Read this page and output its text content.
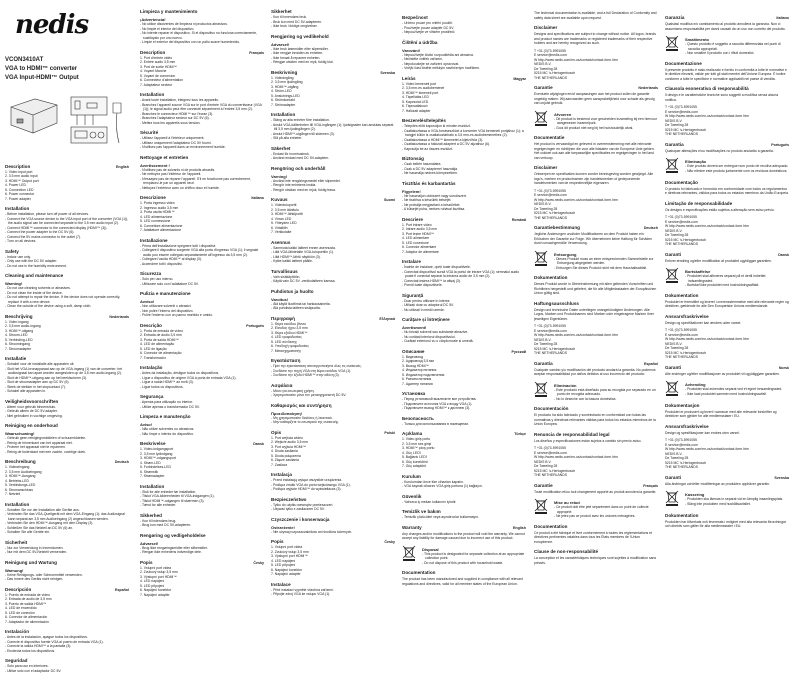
nedis
VCON3410AT
VGA to HDMI™ converter
VGA Input-HDMI™ Output
Description	English
1. Video input port
2. 3.5 mm audio input
3. HDMI™ Output port
4. Power LED
5. Connection LED
6. Power connector
7. Power adapter
Installation
- Before installation, please turn off power of all devices.
- Connect the VGA source device to the VGA input port of the converter (VGA (1)), the audio signal can be connected separate to the 3.5 mm audio input (2).
- Connect HDMI™ connector to the connected display (HDMI™ (3)).
- Connect the power adapter to the DC 5V (6).
- Connect the 5V mains connector to the outlet (7).
- Turn on all devices.
Safety
- Indoor use only.
- Only use with the DC 5V adapter.
- Do not use in the humidity environment.
Cleaning and maintenance
Warning!
- Do not use cleaning solvents or abrasives.
- Do not clean the inside of the device.
- Do not attempt to repair the device. If the device does not operate correctly, replace it with a new device.
- Clean the outside of the device using a soft, damp cloth.
Beschrijving	Nederlands
1. Video ingang
2. 3,5 mm audio-ingang
3. HDMI™-uitgang
4. Stroom-LED
5. Verbinding-LED
6. Stroomingang
7. Stroomadapter
Installatie
- Schakel voor de installatie alle apparaten uit.
- Sluit het VGA-bronapparaat aan op de VGA-ingang (1) van de converter; het audiosignaal kan apart worden aangesloten op de 3,5 mm audio-ingang (2).
- Sluit de HDMI™-uitgang aan op het beeldscherm (3).
- Sluit de stroomadapter aan op DC 5V (6).
- Steek de stekker in het stopcontact (7).
- Schakel alle apparaten in.
Veiligheidsvoorschriften
- Alleen voor gebruik binnenshuis.
- Gebruik alleen de DC 5V-adapter.
- Niet gebruiken in vochtige omgeving.
Reiniging en onderhoud
Waarschuwing!
- Gebruik geen reinigingsmiddelen of schuurmiddelen.
- Reinig de binnenkant van het apparaat niet.
- Probeer het apparaat niet te repareren.
- Reinig de buitenkant met een zachte, vochtige doek.
Beschreibung	Deutsch
1. Videoeingang
2. 3,5 mm Audioeingang
3. HDMI™-Ausgang
4. Betriebs-LED
5. Verbindungs-LED
6. Stromanschluss
7. Netzteil
Installation
- Schalten Sie vor der Installation alle Geräte aus.
- Verbinden Sie das VGA-Quellgerät mit dem VGA-Eingang (1); das Audiosignal kann separat am 3,5 mm Audioeingang (2) angeschlossen werden.
- Verbinden Sie den HDMI™-Ausgang mit dem Display (3).
- Schließen Sie das Netzteil an DC 5V (6) an.
- Schalten Sie alle Geräte ein.
Sicherheit
- Nur zur Verwendung in Innenräumen.
- Nur mit dem DC 5V-Netzteil verwenden.
Reinigung und Wartung
Warnung!
- Keine Reinigungs- oder Scheuermittel verwenden.
- Das Innere des Geräts nicht reinigen.
Descripción	Español
1. Puerto de entrada de vídeo
2. Entrada de audio de 3,5 mm
3. Puerto de salida HDMI™
4. LED de encendido
5. LED de conexión
6. Conector de alimentación
7. Adaptador de alimentación
Instalación
- Antes de la instalación, apague todos los dispositivos.
- Conecte el dispositivo fuente VGA al puerto de entrada VGA (1).
- Conecte la salida HDMI™ a la pantalla (3).
- Encienda todos los dispositivos.
Seguridad
- Solo para uso en interiores.
- Utilice solo con el adaptador DC 5V.
Limpieza y mantenimiento
¡Advertencia!
- No utilice disolventes de limpieza ni productos abrasivos.
- No limpie el interior del dispositivo.
- No intente reparar el dispositivo. Si el dispositivo no funciona correctamente, sustitúyalo por uno nuevo.
- Limpie el exterior del dispositivo con un paño suave humedecido.
Description	Français
1. Port d'entrée vidéo
2. Entrée audio 3,5 mm
3. Port de sortie HDMI™
4. Voyant Marche
5. Voyant de connexion
6. Connecteur d'alimentation
7. Adaptateur secteur
Installation
- Avant toute installation, éteignez tous les appareils.
- Branchez l'appareil source VGA sur le port d'entrée VGA du convertisseur (VGA (1)); le signal audio peut être connecté séparément à l'entrée 3,5 mm (2).
- Branchez le connecteur HDMI™ sur l'écran (3).
- Branchez l'adaptateur secteur sur DC 5V (6).
- Mettez tous les appareils sous tension.
Sécurité
- Utilisez l'appareil à l'intérieur uniquement.
- Utilisez uniquement l'adaptateur DC 5V fourni.
- N'utilisez pas l'appareil dans un environnement humide.
Nettoyage et entretien
Avertissement !
- N'utilisez pas de solvants ni de produits abrasifs.
- Ne nettoyez pas l'intérieur de l'appareil.
- N'essayez pas de réparer l'appareil. S'il ne fonctionne pas correctement, remplacez-le par un appareil neuf.
- Nettoyez l'extérieur avec un chiffon doux et humide.
Descrizione	Italiano
1. Porta ingresso video
2. Ingresso audio 3,5 mm
3. Porta uscita HDMI™
4. LED alimentazione
5. LED connessione
6. Connettore alimentazione
7. Adattatore alimentazione
Installazione
- Prima dell'installazione spegnere tutti i dispositivi.
- Collegare il dispositivo sorgente VGA alla porta d'ingresso VGA (1); il segnale audio può essere collegato separatamente all'ingresso da 3,5 mm (2).
- Collegare l'uscita HDMI™ al display (3).
- Accendere tutti i dispositivi.
Sicurezza
- Solo per uso interno.
- Utilizzare solo con l'adattatore DC 5V.
Pulizia e manutenzione
Avviso!
- Non utilizzare solventi o abrasivi.
- Non pulire l'interno del dispositivo.
- Pulire l'esterno con un panno morbido e umido.
Descrição	Português
1. Porta de entrada de vídeo
2. Entrada de áudio 3,5 mm
3. Porta de saída HDMI™
4. LED de alimentação
5. LED de ligação
6. Conector de alimentação
7. Transformador
Instalação
- Antes da instalação, desligue todos os dispositivos.
- Ligue o dispositivo de origem VGA à porta de entrada VGA (1).
- Ligue a saída HDMI™ ao ecrã (3).
- Ligue todos os dispositivos.
Segurança
- Apenas para utilização no interior.
- Utilize apenas o transformador DC 5V.
Limpeza e manutenção
Aviso!
- Não utilize solventes ou abrasivos.
- Não limpe o interior do dispositivo.
Beskrivelse	Dansk
1. Video-indgangsport
2. 3,5 mm lydindgang
3. HDMI™-udgangsport
4. Strøm-LED
5. Forbindelses-LED
6. Strømstik
7. Strømadapter
Installation
- Sluk for alle enheder før installation.
- Tilslut VGA-kildeenheden til VGA-indgangen (1).
- Tilslut HDMI™-udgangen til skærmen (3).
- Tænd for alle enheder.
Sikkerhed
- Kun til indendørs brug.
- Brug kun med DC 5V-adapteren.
Rengøring og vedligeholdelse
Advarsel!
- Brug ikke rengøringsmidler eller slibemidler.
- Rengør ikke enhedens indvendige dele.
Popis	Česky
1. Vstupní port videa
2. Zvukový vstup 3,5 mm
3. Výstupní port HDMI™
4. LED napájení
5. LED připojení
6. Napájecí konektor
7. Napájecí adaptér
Sikkerhet
- Kun til innendørs bruk.
- Bruk kun med DC 5V-adapteren.
- Ikke bruk i fuktige omgivelser.
Rengjøring og vedlikehold
Advarsel!
- Ikke bruk løsemidler eller slipemidler.
- Ikke rengjør innsiden av enheten.
- Ikke forsøk å reparere enheten.
- Rengjør utsiden med en myk, fuktig klut.
Beskrivning	Svenska
1. Videoingång
2. 3,5 mm ljudingång
3. HDMI™-utgång
4. Ström-LED
5. Anslutnings-LED
6. Strömkontakt
7. Strömadapter
Installation
- Stäng av alla enheter före installation.
- Anslut VGA-källenheten till VGA-ingången (1); ljudsignalen kan anslutas separat till 3,5 mm ljudingången (2).
- Anslut HDMI™-utgången till skärmen (3).
- Slå på alla enheter.
Säkerhet
- Endast för inomhusbruk.
- Använd endast med DC 5V-adaptern.
Rengöring och underhåll
Varning!
- Använd inte rengöringsmedel eller slipmedel.
- Rengör inte enhetens insida.
- Rengör utsidan med en mjuk, fuktig trasa.
Kuvaus	Suomi
1. Videotuloportti
2. 3,5 mm äänitulo
3. HDMI™-lähtöportti
4. Virran LED
5. Yhteyden LED
6. Virtaliitin
7. Verkkolaite
Asennus
- Sammuta kaikki laitteet ennen asennusta.
- Liitä VGA-lähdelaite VGA-tuloporttiin (1).
- Liitä HDMI™-lähtö näyttöön (3).
- Kytke kaikki laitteet päälle.
Turvallisuus
- Vain sisäkäyttöön.
- Käytä vain DC 5V -verkkolaitteen kanssa.
Puhdistus ja huolto
Varoitus!
- Älä käytä liuottimia tai hankausaineita.
- Älä puhdista laitteen sisäpuolta.
Περιγραφή	Ελληνικά
1. Θύρα εισόδου βίντεο
2. Είσοδος ήχου 3,5 mm
3. Θύρα εξόδου HDMI™
4. LED τροφοδοσίας
5. LED σύνδεσης
6. Υποδοχή τροφοδοσίας
7. Μετασχηματιστής
Εγκατάσταση
- Πριν την εγκατάσταση απενεργοποιήστε όλες τις συσκευές.
- Συνδέστε την πηγή VGA στη θύρα εισόδου VGA (1).
- Συνδέστε την έξοδο HDMI™ στην οθόνη (3).
Ασφάλεια
- Μόνο για εσωτερική χρήση.
- Χρησιμοποιείτε μόνο τον μετασχηματιστή DC 5V.
Καθαρισμός και συντήρηση
Προειδοποίηση!
- Μη χρησιμοποιείτε διαλύτες ή λειαντικά.
- Μην καθαρίζετε το εσωτερικό της συσκευής.
Opis	Polski
1. Port wejścia wideo
2. Wejście audio 3,5 mm
3. Port wyjścia HDMI™
4. Dioda zasilania
5. Dioda połączenia
6. Złącze zasilania
7. Zasilacz
Instalacja
- Przed instalacją wyłącz wszystkie urządzenia.
- Podłącz źródło VGA do portu wejściowego VGA (1).
- Podłącz wyjście HDMI™ do wyświetlacza (3).
Bezpieczeństwo
- Tylko do użytku wewnątrz pomieszczeń.
- Używać tylko z zasilaczem DC 5V.
Czyszczenie i konserwacja
Ostrzeżenie!
- Nie używaj rozpuszczalników ani środków ściernych.
Popis	Česky
1. Vstupní port videa
2. Zvukový vstup 3,5 mm
3. Výstupní port HDMI™
4. LED napájení
5. LED připojení
6. Napájecí konektor
7. Napájecí adaptér
Instalace
- Před instalací vypněte všechna zařízení.
- Připojte zdroj VGA ke vstupu VGA (1).
Bezpečnost
- Určeno pouze pro vnitřní použití.
- Používejte pouze adaptér DC 5V.
- Nepoužívejte ve vlhkém prostředí.
Čištění a údržba
Varování!
- Nepoužívejte čisticí rozpouštědla ani abraziva.
- Nečistěte vnitřek zařízení.
- Nepokoušejte se zařízení opravovat.
- Vnější část čistěte měkkým navlhčeným hadříkem.
Leírás	Magyar
1. Videó bemeneti port
2. 3,5 mm-es audiobemenet
3. HDMI™ kimeneti port
4. Tápellátás LED
5. Kapcsolat LED
6. Tápcsatlakozó
7. Hálózati adapter
Beszerelés/telepítés
- Telepítés előtt kapcsoljon ki minden eszközt.
- Csatlakoztassa a VGA-forráseszközt a konverter VGA bemeneti portjához (1); a hangjel külön is csatlakoztatható a 3,5 mm-es audiobemenethez (2).
- Csatlakoztassa a HDMI™ kimenetet a kijelzőhöz (3).
- Csatlakoztassa a hálózati adaptert a DC 5V aljzathoz (6).
- Kapcsolja be az összes eszközt.
Biztonság
- Csak beltéri használatra.
- Csak a DC 5V adapterrel használja.
- Ne használja nedves környezetben.
Tisztítás és karbantartás
Figyelem!
- Ne használjon oldószert vagy súrolószert.
- Ne tisztítsa a készülék belsejét.
- Ne próbálja megjavítani a készüléket.
- A külsejét puha, nedves ruhával tisztítsa.
Descriere	Română
1. Port intrare video
2. Intrare audio 3,5 mm
3. Port ieșire HDMI™
4. LED alimentare
5. LED conexiune
6. Conector alimentare
7. Adaptor de alimentare
Instalare
- Înainte de instalare, opriți toate dispozitivele.
- Conectați dispozitivul sursă VGA la portul de intrare VGA (1); semnalul audio poate fi conectat separat la intrarea audio de 3,5 mm (2).
- Conectați ieșirea HDMI™ la afișaj (3).
- Porniți toate dispozitivele.
Siguranță
- Doar pentru utilizare în interior.
- Utilizați doar cu adaptorul DC 5V.
- Nu utilizați în medii umede.
Curățare și întreținere
Avertisment!
- Nu folosiți solvenți sau substanțe abrazive.
- Nu curățați interiorul dispozitivului.
- Curățați exteriorul cu o cârpă moale și umedă.
Описание	Русский
1. Видеовход
2. Аудиовход 3,5 мм
3. Выход HDMI™
4. Индикатор питания
5. Индикатор подключения
6. Разъем питания
7. Адаптер питания
Установка
- Перед установкой выключите все устройства.
- Подключите источник VGA к входу VGA (1).
- Подключите выход HDMI™ к дисплею (3).
Безопасность
- Только для использования в помещении.
Açıklama	Türkçe
1. Video giriş portu
2. 3,5 mm ses girişi
3. HDMI™ çıkış portu
4. Güç LED'i
5. Bağlantı LED'i
6. Güç konektörü
7. Güç adaptörü
Kurulum
- Kurulumdan önce tüm cihazları kapatın.
- VGA kaynak cihazını VGA giriş portuna (1) bağlayın.
Güvenlik
- Yalnızca iç mekan kullanımı içindir.
Temizlik ve bakım
- Temizlik çözücüleri veya aşındırıcılar kullanmayın.
Warranty	English
Any changes and/or modifications to the product will void the warranty. We cannot accept any liability for damage caused due to incorrect use of this product.
Disposal
- This product is designated for separate collection at an appropriate collection point.
- Do not dispose of this product with household waste.
Documentation
The product has been manufactured and supplied in compliance with all relevant regulations and directives, valid for all member states of the European Union.
The technical documentation is available, and a full Declaration of Conformity and safety data sheet are available upon request.
Disclaimer
Designs and specifications are subject to change without notice. All logos, brands and product names are trademarks or registered trademarks of their respective holders and are hereby recognized as such.
T +31 (0)73-5991055
E service@nedis.com
W http://www.nedis.com/en-us/contact/contact-form.htm
NEDIS B.V.
De Tweeling 28
5215 MC 's-Hertogenbosch
THE NETHERLANDS
Garantie	Nederlands
Eventuele wijzigingen en/of aanpassingen aan het product zullen de garantie ongeldig maken. Wij aanvaarden geen aansprakelijkheid voor schade als gevolg van onjuist gebruik.
Afvoeren
- Dit product is bestemd voor gescheiden inzameling bij een hiervoor aangewezen inzamelpunt.
- Gooi dit product niet weg bij het huishoudelijk afval.
Documentatie
Het product is vervaardigd en geleverd in overeenstemming met alle relevante regelgevingen en richtlijnen die voor alle lidstaten van de Europese Unie gelden. Het voldoet ook aan alle toepasselijke specificaties en regelgevingen in het land van verkoop.
Disclaimer
Ontwerpen en specificaties kunnen zonder kennisgeving worden gewijzigd. Alle logo's, merken en productnamen zijn handelsmerken of gedeponeerde handelsmerken van de respectievelijke eigenaren.
T +31 (0)73-5991055
E service@nedis.com
W http://www.nedis.com/en-us/contact/contact-form.htm
NEDIS B.V.
De Tweeling 28
5215 MC 's-Hertogenbosch
THE NETHERLANDS
Garantiebestimmung	Deutsch
Jegliche Änderungen und/oder Modifikationen an dem Produkt haben ein Erlöschen der Garantie zur Folge. Wir übernehmen keine Haftung für Schäden durch unsachgemäße Verwendung.
Entsorgung
- Dieses Produkt muss an einer entsprechenden Sammelstelle zur Entsorgung abgegeben werden.
- Entsorgen Sie dieses Produkt nicht mit dem Haushaltsabfall.
Dokumentation
Dieses Produkt wurde in Übereinstimmung mit allen geltenden Vorschriften und Richtlinien hergestellt und geliefert, die für alle Mitgliedsstaaten der Europäischen Union gültig sind.
Haftungsausschluss
Design und technische Daten unterliegen unangekündigten Änderungen. Alle Logos, Marken und Produktnamen sind Marken oder eingetragene Marken ihrer jeweiligen Eigentümer.
T +31 (0)73-5991055
E service@nedis.com
W http://www.nedis.com/en-us/contact/contact-form.htm
NEDIS B.V.
De Tweeling 28
5215 MC 's-Hertogenbosch
THE NETHERLANDS
Garantía	Español
Cualquier cambio y/o modificación del producto anulará la garantía. No podemos aceptar responsabilidad por daños debidos al uso incorrecto del producto.
Eliminación
- Este producto está diseñado para su recogida por separado en un punto de recogida adecuado.
- No lo deseche con la basura doméstica.
Documentación
El producto ha sido fabricado y suministrado en conformidad con todas las normativas y directivas relevantes válidas para todos los estados miembros de la Unión Europea.
Renuncia de responsabilidad legal
Los diseños y especificaciones están sujetos a cambio sin previo aviso.
T +31 (0)73-5991055
E service@nedis.com
W http://www.nedis.com/en-us/contact/contact-form.htm
NEDIS B.V.
De Tweeling 28
5215 MC 's-Hertogenbosch
THE NETHERLANDS
Garantie	Français
Toute modification et/ou tout changement apporté au produit annulera la garantie.
Mise au rebut
- Ce produit doit être jeté séparément dans un point de collecte approprié.
- Ne jetez pas ce produit avec les ordures ménagères.
Documentation
Ce produit a été fabriqué et livré conformément à toutes les réglementations et directives pertinentes valables dans tous les États membres de l'Union européenne.
Clause de non-responsabilité
La conception et les caractéristiques techniques sont sujettes à modification sans préavis.
Garanzia	Italiano
Qualsiasi modifica e/o cambiamento al prodotto annullerà la garanzia. Non ci assumiamo responsabilità per danni causati da un uso non corretto del prodotto.
Smaltimento
- Questo prodotto è soggetto a raccolta differenziata nei punti di raccolta appropriati.
- Non smaltire il prodotto con i rifiuti domestici.
Documentazione
Il presente prodotto è stato realizzato e fornito in conformità a tutte le normative e le direttive rilevanti, valide per tutti gli stati membri dell'Unione Europea. È inoltre conforme a tutte le specifiche e normative applicabili nel paese di vendita.
Clausola esonerativa di responsabilità
Il design e le caratteristiche tecniche sono soggetti a modifica senza alcuna notifica.
T +31 (0)73-5991055
E service@nedis.com
W http://www.nedis.com/en-us/contact/contact-form.htm
NEDIS B.V.
De Tweeling 28
5215 MC 's-Hertogenbosch
THE NETHERLANDS
Garantia	Português
Quaisquer alterações e/ou modificações no produto anularão a garantia.
Eliminação
- Este produto deverá ser entregue num ponto de recolha adequado.
- Não elimine este produto juntamente com os resíduos domésticos.
Documentação
O produto foi fabricado e fornecido em conformidade com todos os regulamentos e diretivas relevantes, válidos para todos os estados membros da União Europeia.
Limitação de responsabilidade
Os designs e especificações estão sujeitos a alteração sem aviso prévio.
T +31 (0)73-5991055
E service@nedis.com
W http://www.nedis.com/en-us/contact/contact-form.htm
NEDIS B.V.
De Tweeling 28
5215 MC 's-Hertogenbosch
THE NETHERLANDS
Garanti	Dansk
Enhver ændring og/eller modifikation af produktet ugyldiggør garantien.
Bortskaffelse
- Produktet skal afleveres separat på et dertil indrettet indsamlingssted.
- Bortskaf ikke produktet med husholdningsaffald.
Dokumentation
Produktet er fremstillet og leveret i overensstemmelse med alle relevante regler og direktiver, gældende for alle Den Europæiske Unions medlemslande.
Ansvarsfraskrivelse
Design og specifikationer kan ændres uden varsel.
T +31 (0)73-5991055
E service@nedis.com
W http://www.nedis.com/en-us/contact/contact-form.htm
NEDIS B.V.
De Tweeling 28
5215 MC 's-Hertogenbosch
THE NETHERLANDS
Garanti	Norsk
Alle endringer og/eller modifikasjoner av produktet vil ugyldiggjøre garantien.
Avhending
- Produktet skal avhendes separat ved et egnet innsamlingssted.
- Ikke kast produktet sammen med husholdningsavfall.
Dokumentasjon
Produktet er produsert og levert i samsvar med alle relevante forskrifter og direktiver som gjelder for alle medlemsstater i EU.
Ansvarsfraskrivelse
Design og spesifikasjoner kan endres uten varsel.
T +31 (0)73-5991055
E service@nedis.com
W http://www.nedis.com/en-us/contact/contact-form.htm
NEDIS B.V.
De Tweeling 28
5215 MC 's-Hertogenbosch
THE NETHERLANDS
Garanti	Svenska
Alla ändringar och/eller modifieringar av produkten upphäver garantin.
Kassering
- Produkten ska lämnas in separat vid en lämplig insamlingsplats.
- Släng inte produkten med hushållsavfallet.
Dokumentation
Produkten har tillverkats och levererats i enlighet med alla relevanta förordningar och direktiv som gäller för alla medlemsstater i EU.
